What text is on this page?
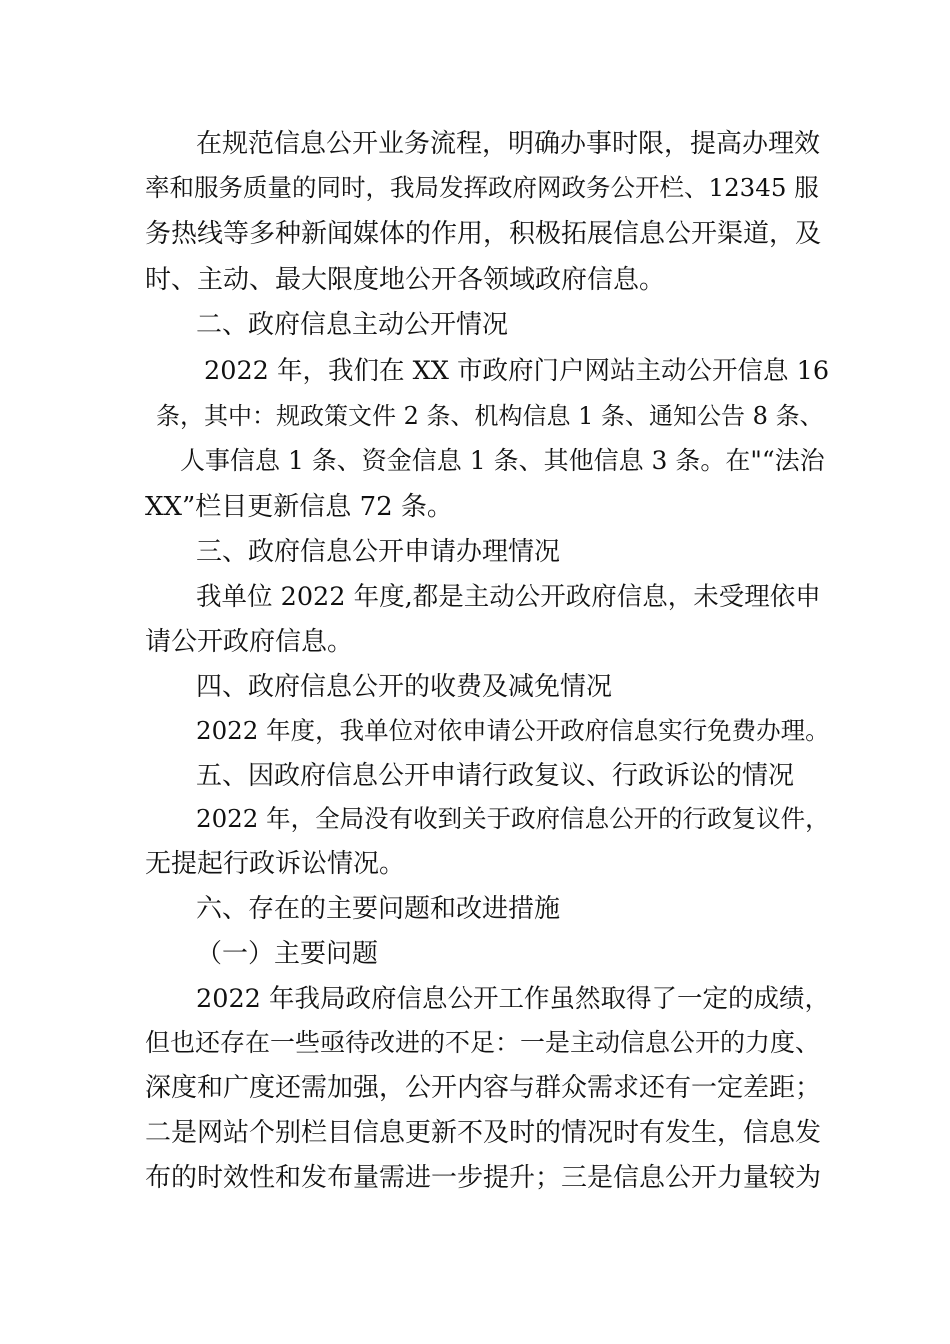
在规范信息公开业务流程，明确办事时限，提高办理效
率和服务质量的同时，我局发挥政府网政务公开栏、12345 服
务热线等多种新闻媒体的作用，积极拓展信息公开渠道，及
时、主动、最大限度地公开各领域政府信息。
二、政府信息主动公开情况
2022 年，我们在 XX 市政府门户网站主动公开信息 16
条，其中：规政策文件 2 条、机构信息 1 条、通知公告 8 条、
人事信息 1 条、资金信息 1 条、其他信息 3 条。在"“法治
XX”栏目更新信息 72 条。
三、政府信息公开申请办理情况
我单位 2022 年度,都是主动公开政府信息，未受理依申
请公开政府信息。
四、政府信息公开的收费及减免情况
2022 年度，我单位对依申请公开政府信息实行免费办理。
五、因政府信息公开申请行政复议、行政诉讼的情况
2022 年，全局没有收到关于政府信息公开的行政复议件，
无提起行政诉讼情况。
六、存在的主要问题和改进措施
（一）主要问题
2022 年我局政府信息公开工作虽然取得了一定的成绩，
但也还存在一些亟待改进的不足：一是主动信息公开的力度、
深度和广度还需加强，公开内容与群众需求还有一定差距；
二是网站个别栏目信息更新不及时的情况时有发生，信息发
布的时效性和发布量需进一步提升；三是信息公开力量较为
